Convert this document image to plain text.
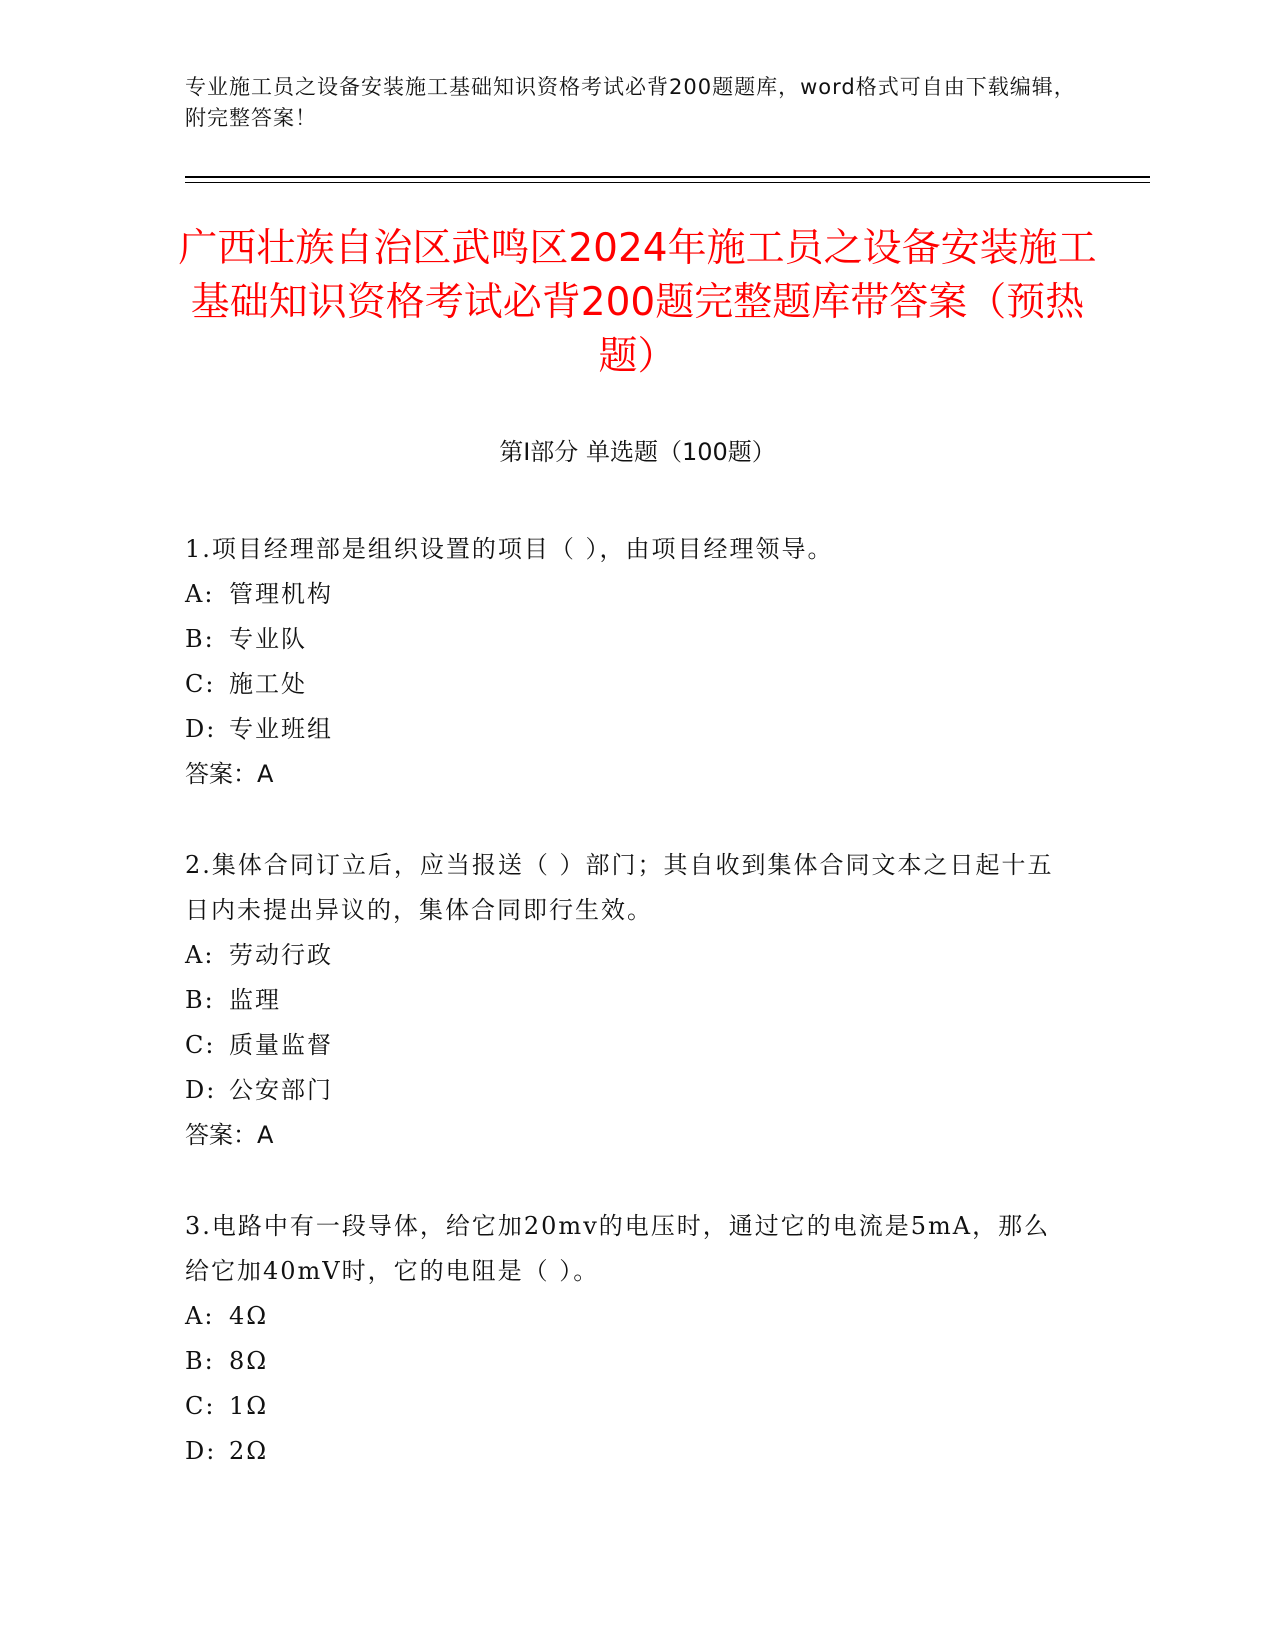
专业施工员之设备安装施工基础知识资格考试必背200题题库，word格式可自由下载编辑，附完整答案！
广西壮族自治区武鸣区2024年施工员之设备安装施工基础知识资格考试必背200题完整题库带答案（预热题）
第I部分 单选题（100题）

1.项目经理部是组织设置的项目（ ），由项目经理领导。

A: 管理机构
B: 专业队
C: 施工处
D: 专业班组

答案：A

2.集体合同订立后，应当报送（ ）部门；其自收到集体合同文本之日起十五日内未提出异议的，集体合同即行生效。

A: 劳动行政
B: 监理
C: 质量监督
D: 公安部门

答案：A

3.电路中有一段导体，给它加20mv的电压时，通过它的电流是5mA，那么给它加40mV时，它的电阻是（ ）。

A: 4Ω
B: 8Ω
C: 1Ω
D: 2Ω
